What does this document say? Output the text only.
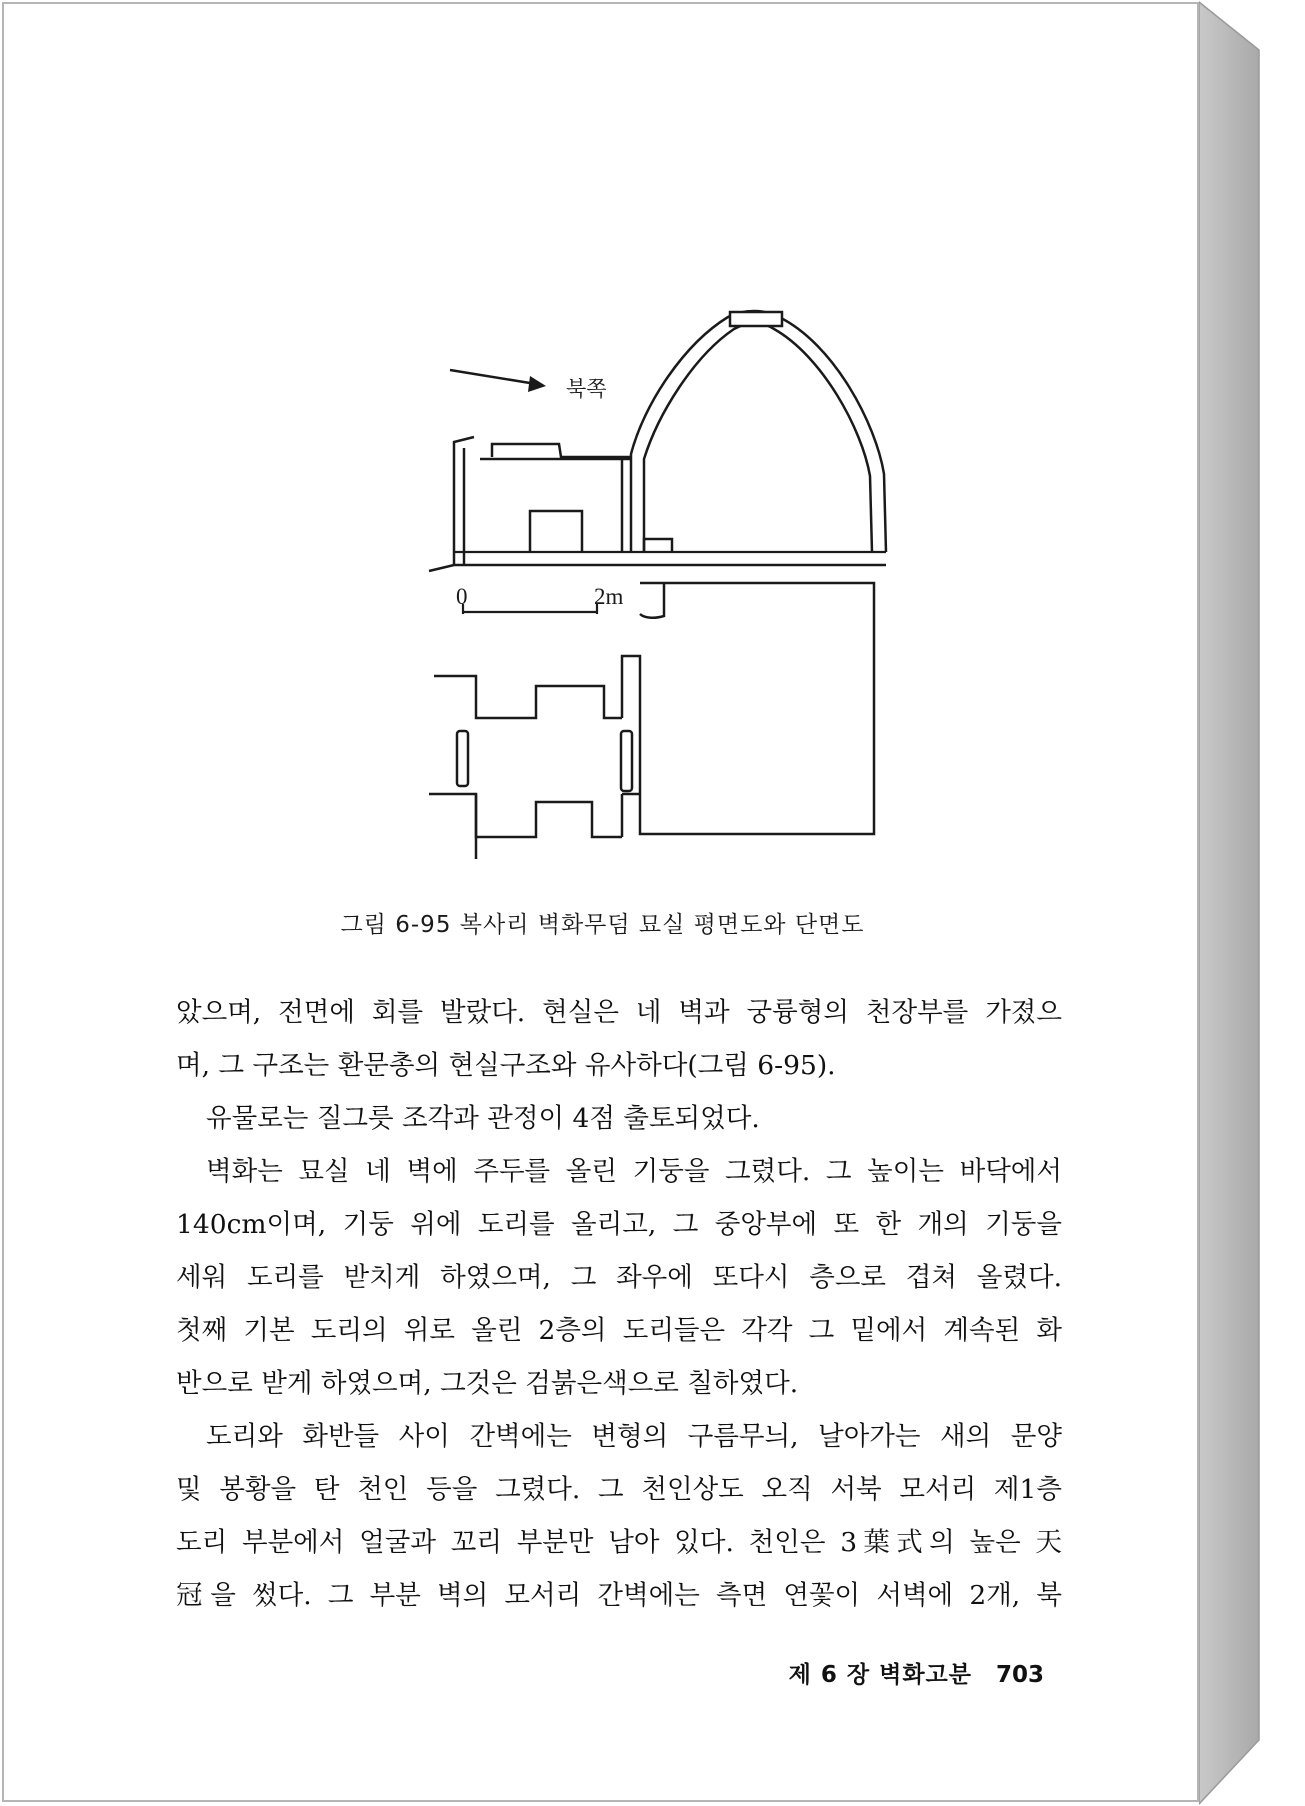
북쪽
0	2m
그림 6-95 복사리 벽화무덤 묘실 평면도와 단면도
았으며, 전면에 회를 발랐다. 현실은 네 벽과 궁륭형의 천장부를 가졌으
며, 그 구조는 환문총의 현실구조와 유사하다(그림 6-95).
유물로는 질그릇 조각과 관정이 4점 출토되었다.
벽화는 묘실 네 벽에 주두를 올린 기둥을 그렸다. 그 높이는 바닥에서
140cm이며, 기둥 위에 도리를 올리고, 그 중앙부에 또 한 개의 기둥을
세워 도리를 받치게 하였으며, 그 좌우에 또다시 층으로 겹쳐 올렸다.
첫째 기본 도리의 위로 올린 2층의 도리들은 각각 그 밑에서 계속된 화
반으로 받게 하였으며, 그것은 검붉은색으로 칠하였다.
도리와 화반들 사이 간벽에는 변형의 구름무늬, 날아가는 새의 문양
및 봉황을 탄 천인 등을 그렸다. 그 천인상도 오직 서북 모서리 제1층
도리 부분에서 얼굴과 꼬리 부분만 남아 있다. 천인은 3葉式의 높은 天
冠을 썼다. 그 부분 벽의 모서리 간벽에는 측면 연꽃이 서벽에 2개, 북
제 6 장 벽화고분 703
